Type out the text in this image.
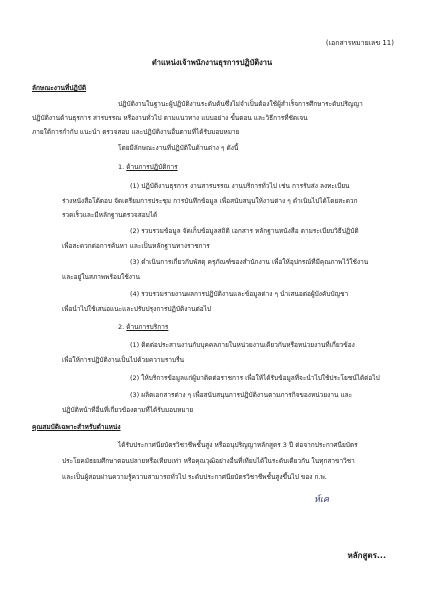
(เอกสารหมายเลข 11)
ตำแหน่งเจ้าพนักงานธุรการปฏิบัติงาน
ลักษณะงานที่ปฏิบัติ
ปฏิบัติงานในฐานะผู้ปฏิบัติงานระดับต้นซึ่งไม่จำเป็นต้องใช้ผู้สำเร็จการศึกษาระดับปริญญา
ปฏิบัติงานด้านธุรการ สารบรรณ หรืองานทั่วไป ตามแนวทาง แบบอย่าง ขั้นตอน และวิธีการที่ชัดเจน
ภายใต้การกำกับ แนะนำ ตรวจสอบ และปฏิบัติงานอื่นตามที่ได้รับมอบหมาย
โดยมีลักษณะงานที่ปฏิบัติในด้านต่าง ๆ ดังนี้
1. ด้านการปฏิบัติการ
(1) ปฏิบัติงานธุรการ งานสารบรรณ งานบริการทั่วไป เช่น การรับส่ง ลงทะเบียน
ร่างหนังสือโต้ตอบ จัดเตรียมการประชุม การบันทึกข้อมูล เพื่อสนับสนุนให้งานต่าง ๆ ดำเนินไปได้โดยสะดวก
รวดเร็วและมีหลักฐานตรวจสอบได้
(2) รวบรวมข้อมูล จัดเก็บข้อมูลสถิติ เอกสาร หลักฐานหนังสือ ตามระเบียบวิธีปฏิบัติ
เพื่อสะดวกต่อการค้นหา และเป็นหลักฐานทางราชการ
(3) ดำเนินการเกี่ยวกับพัสดุ ครุภัณฑ์ของสำนักงาน เพื่อให้อุปกรณ์ที่มีคุณภาพไว้ใช้งาน
และอยู่ในสภาพพร้อมใช้งาน
(4) รวบรวมรายงานผลการปฏิบัติงานและข้อมูลต่าง ๆ นำเสนอต่อผู้บังคับบัญชา
เพื่อนำไปใช้เสนอแนะและปรับปรุงการปฏิบัติงานต่อไป
2. ด้านการบริการ
(1) ติดต่อประสานงานกับบุคคลภายในหน่วยงานเดียวกันหรือหน่วยงานที่เกี่ยวข้อง
เพื่อให้การปฏิบัติงานเป็นไปด้วยความราบรื่น
(2) ให้บริการข้อมูลแก่ผู้มาติดต่อราชการ เพื่อให้ได้รับข้อมูลที่จะนำไปใช้ประโยชน์ได้ต่อไป
(3) ผลิตเอกสารต่าง ๆ เพื่อสนับสนุนการปฏิบัติงานตามภารกิจของหน่วยงาน และ
ปฏิบัติหน้าที่อื่นที่เกี่ยวข้องตามที่ได้รับมอบหมาย
คุณสมบัติเฉพาะสำหรับตำแหน่ง
ได้รับประกาศนียบัตรวิชาชีพชั้นสูง หรืออนุปริญญาหลักสูตร 3 ปี ต่อจากประกาศนียบัตร
ประโยคมัธยมศึกษาตอนปลายหรือเทียบเท่า หรือคุณวุฒิอย่างอื่นที่เทียบได้ในระดับเดียวกัน ในทุกสาขาวิชา
และเป็นผู้สอบผ่านความรู้ความสามารถทั่วไป ระดับประกาศนียบัตรวิชาชีพชั้นสูงขึ้นไป ของ ก.พ.
ห์เค
หลักสูตร...
